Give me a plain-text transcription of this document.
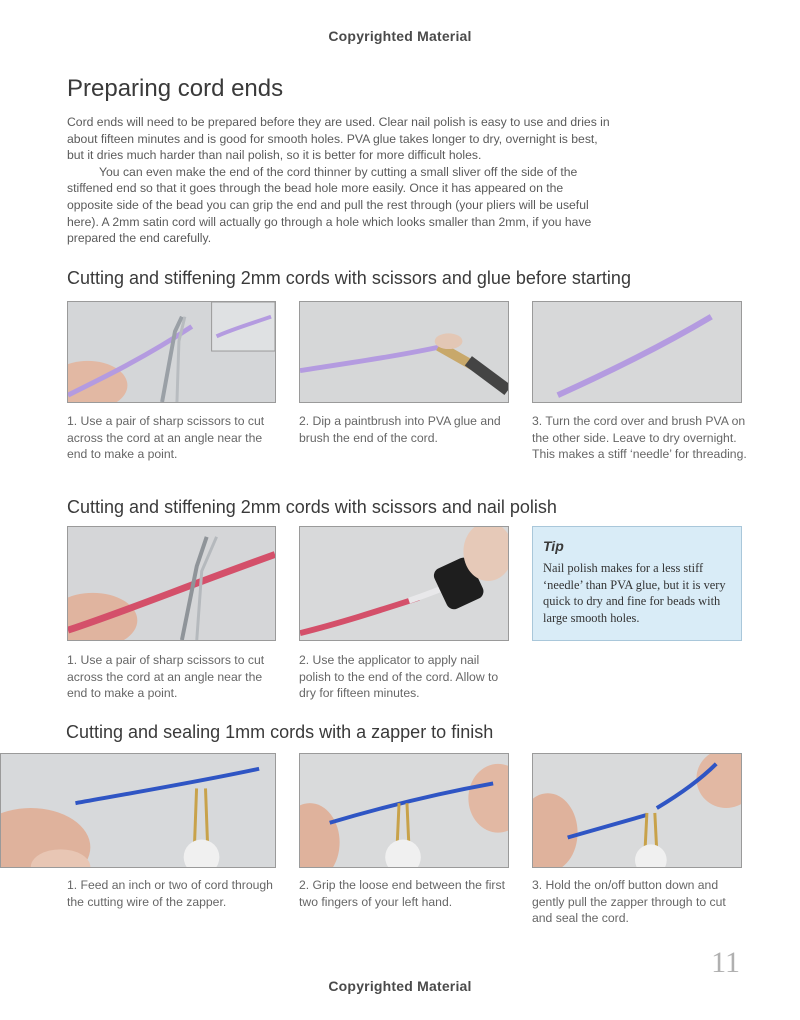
Copyrighted Material
Preparing cord ends

Cord ends will need to be prepared before they are used. Clear nail polish is easy to use and dries in about fifteen minutes and is good for smooth holes. PVA glue takes longer to dry, overnight is best, but it dries much harder than nail polish, so it is better for more difficult holes.

You can even make the end of the cord thinner by cutting a small sliver off the side of the stiffened end so that it goes through the bead hole more easily. Once it has appeared on the opposite side of the bead you can grip the end and pull the rest through (your pliers will be useful here). A 2mm satin cord will actually go through a hole which looks smaller than 2mm, if you have prepared the end carefully.

Cutting and stiffening 2mm cords with scissors and glue before starting

1. Use a pair of sharp scissors to cut across the cord at an angle near the end to make a point.

2. Dip a paintbrush into PVA glue and brush the end of the cord.

3. Turn the cord over and brush PVA on the other side. Leave to dry overnight. This makes a stiff ‘needle’ for threading.

Cutting and stiffening 2mm cords with scissors and nail polish

Tip

Nail polish makes for a less stiff ‘needle’ than PVA glue, but it is very quick to dry and fine for beads with large smooth holes.

1. Use a pair of sharp scissors to cut across the cord at an angle near the end to make a point.

2. Use the applicator to apply nail polish to the end of the cord. Allow to dry for fifteen minutes.

Cutting and sealing 1mm cords with a zapper to finish

1. Feed an inch or two of cord through the cutting wire of the zapper.

2. Grip the loose end between the first two fingers of your left hand.

3. Hold the on/off button down and gently pull the zapper through to cut and seal the cord.

11
Copyrighted Material
